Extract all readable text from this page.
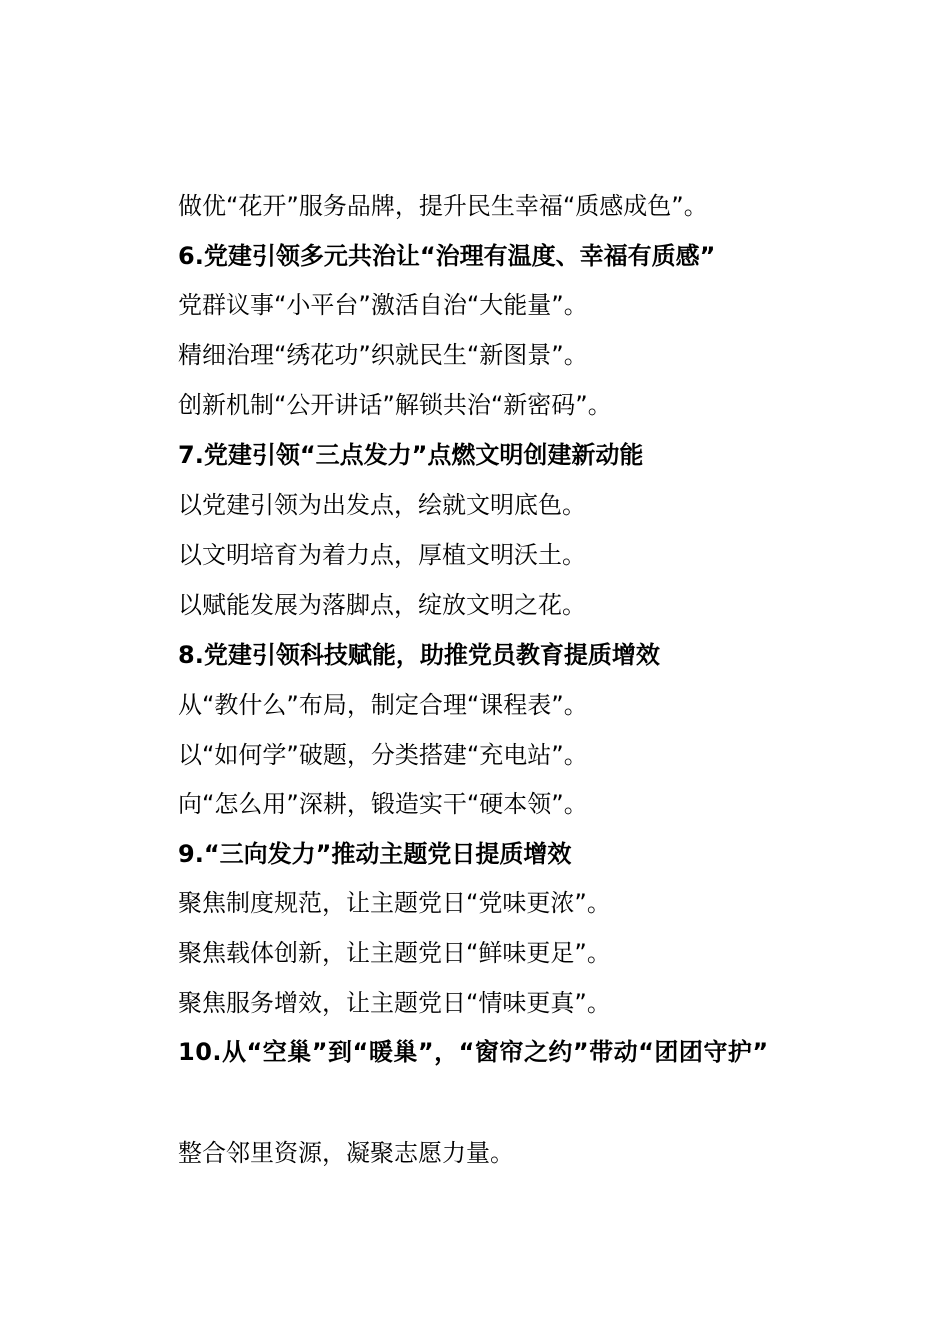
做优“花开”服务品牌，提升民生幸福“质感成色”。
6.党建引领多元共治让“治理有温度、幸福有质感”
党群议事“小平台”激活自治“大能量”。
精细治理“绣花功”织就民生“新图景”。
创新机制“公开讲话”解锁共治“新密码”。
7.党建引领“三点发力”点燃文明创建新动能
以党建引领为出发点，绘就文明底色。
以文明培育为着力点，厚植文明沃土。
以赋能发展为落脚点，绽放文明之花。
8.党建引领科技赋能，助推党员教育提质增效
从“教什么”布局，制定合理“课程表”。
以“如何学”破题，分类搭建“充电站”。
向“怎么用”深耕，锻造实干“硬本领”。
9.“三向发力”推动主题党日提质增效
聚焦制度规范，让主题党日“党味更浓”。
聚焦载体创新，让主题党日“鲜味更足”。
聚焦服务增效，让主题党日“情味更真”。
10.从“空巢”到“暖巢”，“窗帘之约”带动“团团守护”
整合邻里资源，凝聚志愿力量。
